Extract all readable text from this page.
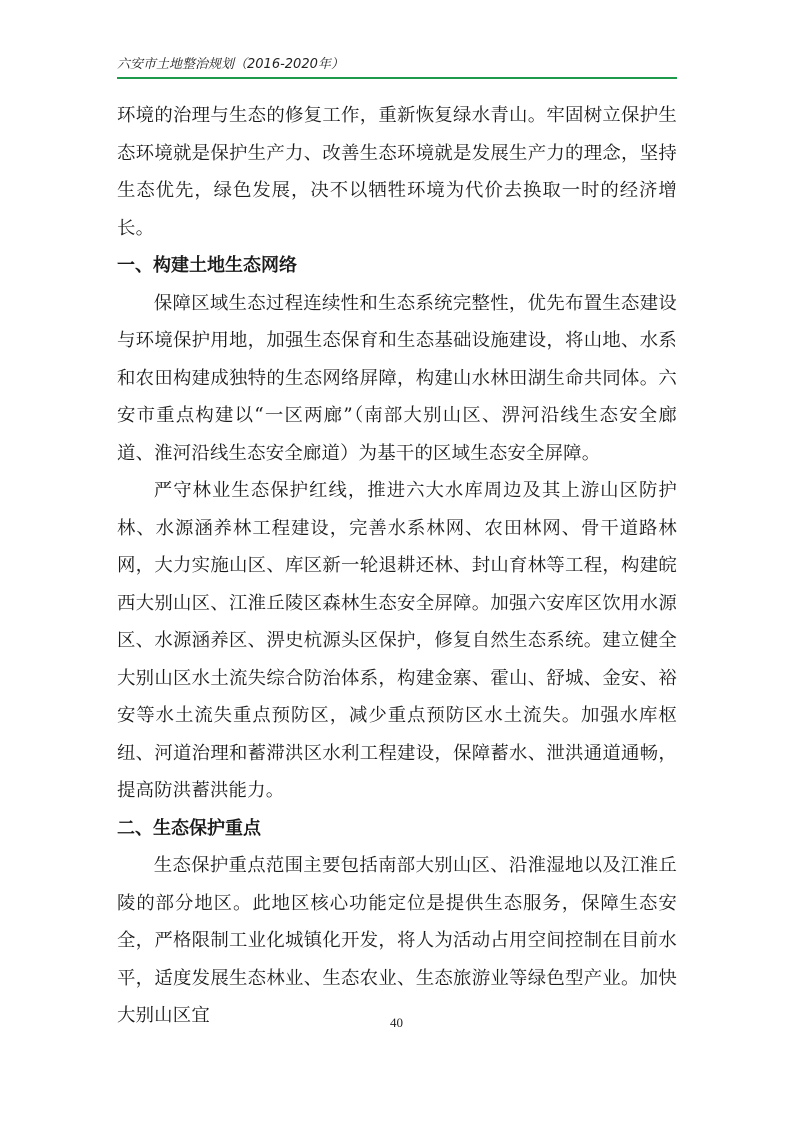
六安市土地整治规划（2016-2020年）

环境的治理与生态的修复工作，重新恢复绿水青山。牢固树立保护生态环境就是保护生产力、改善生态环境就是发展生产力的理念，坚持生态优先，绿色发展，决不以牺牲环境为代价去换取一时的经济增长。

一、构建土地生态网络

保障区域生态过程连续性和生态系统完整性，优先布置生态建设与环境保护用地，加强生态保育和生态基础设施建设，将山地、水系和农田构建成独特的生态网络屏障，构建山水林田湖生命共同体。六安市重点构建以“一区两廊”（南部大别山区、淠河沿线生态安全廊道、淮河沿线生态安全廊道）为基干的区域生态安全屏障。

严守林业生态保护红线，推进六大水库周边及其上游山区防护林、水源涵养林工程建设，完善水系林网、农田林网、骨干道路林网，大力实施山区、库区新一轮退耕还林、封山育林等工程，构建皖西大别山区、江淮丘陵区森林生态安全屏障。加强六安库区饮用水源区、水源涵养区、淠史杭源头区保护，修复自然生态系统。建立健全大别山区水土流失综合防治体系，构建金寨、霍山、舒城、金安、裕安等水土流失重点预防区，减少重点预防区水土流失。加强水库枢纽、河道治理和蓄滞洪区水利工程建设，保障蓄水、泄洪通道通畅，提高防洪蓄洪能力。

二、生态保护重点

生态保护重点范围主要包括南部大别山区、沿淮湿地以及江淮丘陵的部分地区。此地区核心功能定位是提供生态服务，保障生态安全，严格限制工业化城镇化开发，将人为活动占用空间控制在目前水平，适度发展生态林业、生态农业、生态旅游业等绿色型产业。加快大别山区宜	40
